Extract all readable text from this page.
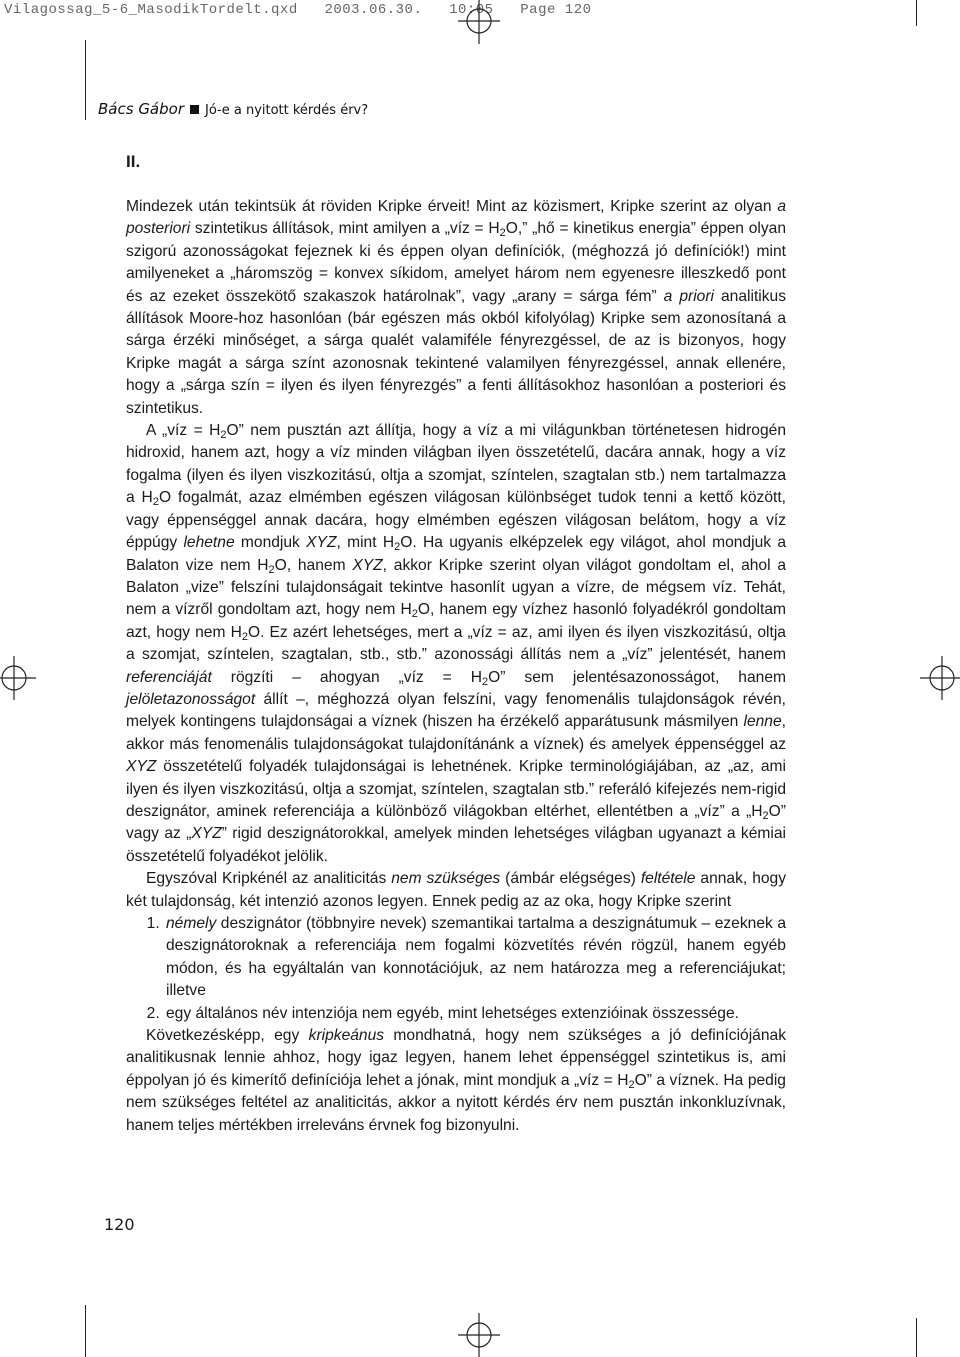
Vilagossag_5-6_MasodikTordelt.qxd   2003.06.30.   10:05   Page 120
Bács Gábor Jó-e a nyitott kérdés érv?
II.

Mindezek után tekintsük át röviden Kripke érveit! Mint az közismert, Kripke szerint az olyan a posteriori szintetikus állítások, mint amilyen a „víz = $H_2O$,” „hő = kinetikus energia” éppen olyan szigorú azonosságokat fejeznek ki és éppen olyan definíciók, (méghozzá jó definíciók!) mint amilyeneket a „háromszög = konvex síkidom, amelyet három nem egyenesre illeszkedő pont és az ezeket összekötő szakaszok határolnak”, vagy „arany = sárga fém” a priori analitikus állítások Moore-hoz hasonlóan (bár egészen más okból kifolyólag) Kripke sem azonosítaná a sárga érzéki minőséget, a sárga qualét valamiféle fényrezgéssel, de az is bizonyos, hogy Kripke magát a sárga színt azonosnak tekintené valamilyen fényrezgéssel, annak ellenére, hogy a „sárga szín = ilyen és ilyen fényrezgés” a fenti állításokhoz hasonlóan a posteriori és szintetikus.

A „víz = $H_2O$” nem pusztán azt állítja, hogy a víz a mi világunkban történetesen hidrogén hidroxid, hanem azt, hogy a víz minden világban ilyen összetételű, dacára annak, hogy a víz fogalma (ilyen és ilyen viszkozitású, oltja a szomjat, színtelen, szagtalan stb.) nem tartalmazza a $H_2O$ fogalmát, azaz elmémben egészen világosan különbséget tudok tenni a kettő között, vagy éppenséggel annak dacára, hogy elmémben egészen világosan belátom, hogy a víz éppúgy lehetne mondjuk XYZ, mint $H_2O$. Ha ugyanis elképzelek egy világot, ahol mondjuk a Balaton vize nem $H_2O$, hanem XYZ, akkor Kripke szerint olyan világot gondoltam el, ahol a Balaton „vize” felszíni tulajdonságait tekintve hasonlít ugyan a vízre, de mégsem víz. Tehát, nem a vízről gondoltam azt, hogy nem $H_2O$, hanem egy vízhez hasonló folyadékról gondoltam azt, hogy nem $H_2O$. Ez azért lehetséges, mert a „víz = az, ami ilyen és ilyen viszkozitású, oltja a szomjat, színtelen, szagtalan, stb., stb.” azonossági állítás nem a „víz” jelentését, hanem referenciáját rögzíti – ahogyan „víz = $H_2O$” sem jelentésazonosságot, hanem jelöletazonosságot állít –, méghozzá olyan felszíni, vagy fenomenális tulajdonságok révén, melyek kontingens tulajdonságai a víznek (hiszen ha érzékelő apparátusunk másmilyen lenne, akkor más fenomenális tulajdonságokat tulajdonítánánk a víznek) és amelyek éppenséggel az XYZ összetételű folyadék tulajdonságai is lehetnének. Kripke terminológiájában, az „az, ami ilyen és ilyen viszkozitású, oltja a szomjat, színtelen, szagtalan stb.” referáló kifejezés nem-rigid deszignátor, aminek referenciája a különböző világokban eltérhet, ellentétben a „víz” a $„H_2O$” vagy az „XYZ” rigid deszignátorokkal, amelyek minden lehetséges világban ugyanazt a kémiai összetételű folyadékot jelölik.

Egyszóval Kripkénél az analiticitás nem szükséges (ámbár elégséges) feltétele annak, hogy két tulajdonság, két intenzió azonos legyen. Ennek pedig az az oka, hogy Kripke szerint

1. némely deszignátor (többnyire nevek) szemantikai tartalma a deszignátumuk – ezeknek a deszignátoroknak a referenciája nem fogalmi közvetítés révén rögzül, hanem egyéb módon, és ha egyáltalán van konnotációjuk, az nem határozza meg a referenciájukat; illetve
2. egy általános név intenziója nem egyéb, mint lehetséges extenzióinak összessége.

Következésképp, egy kripkeánus mondhatná, hogy nem szükséges a jó definíciójának analitikusnak lennie ahhoz, hogy igaz legyen, hanem lehet éppenséggel szintetikus is, ami éppolyan jó és kimerítő definíciója lehet a jónak, mint mondjuk a „víz = $H_2O$” a víznek. Ha pedig nem szükséges feltétel az analiticitás, akkor a nyitott kérdés érv nem pusztán inkonkluzívnak, hanem teljes mértékben irreleváns érvnek fog bizonyulni.

120
